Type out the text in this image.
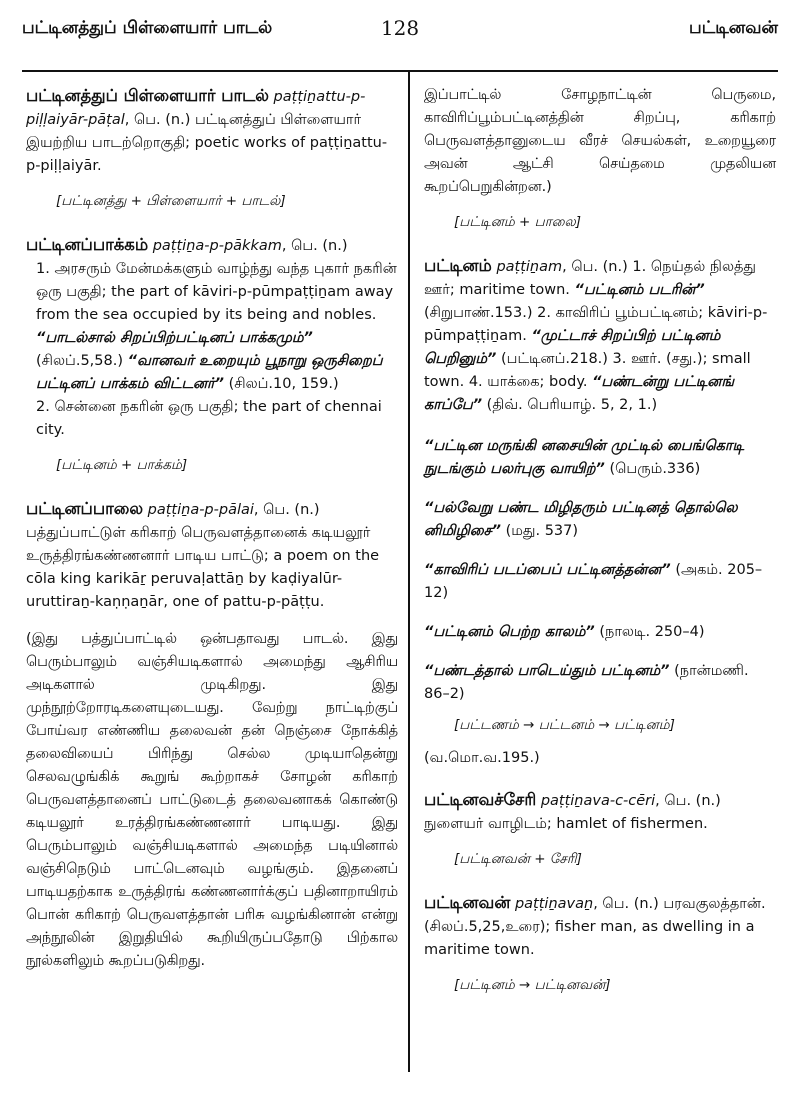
பட்டினத்துப் பிள்ளையார் பாடல்	128	பட்டினவன்
பட்டினத்துப் பிள்ளையார் பாடல் paṭṭiṉattu-p-piḷḷaiyār-pāṭal, பெ. (n.) பட்டினத்துப் பிள்ளையார் இயற்றிய பாடற்றொகுதி; poetic works of paṭṭiṉattu-p-piḷḷaiyār.
[பட்டினத்து + பிள்ளையார் + பாடல்]
பட்டினப்பாக்கம் paṭṭiṉa-p-pākkam, பெ. (n.)
1. அரசரும் மேன்மக்களும் வாழ்ந்து வந்த புகார் நகரின் ஒரு பகுதி; the part of kāviri-p-pūmpaṭṭiṉam away from the sea occupied by its being and nobles. “பாடல்சால் சிறப்பிற்பட்டினப் பாக்கமும்” (சிலப்.5,58.) “வானவர் உறையும் பூநாறு ஒருசிறைப் பட்டினப் பாக்கம் விட்டனர்” (சிலப்.10, 159.)
2. சென்னை நகரின் ஒரு பகுதி; the part of chennai city.
[பட்டினம் + பாக்கம்]
பட்டினப்பாலை paṭṭiṉa-p-pālai, பெ. (n.) பத்துப்பாட்டுள் கரிகாற் பெருவளத்தானைக் கடியலூர் உருத்திரங்கண்ணனார் பாடிய பாட்டு; a poem on the cōla king karikāṟ peruvaḷattāṉ by kaḍiyalūr-uruttiraṉ-kaṇṇaṉār, one of pattu-p-pāṭṭu.
(இது பத்துப்பாட்டில் ஒன்பதாவது பாடல். இது பெரும்பாலும் வஞ்சியடிகளால் அமைந்து ஆசிரிய அடிகளால் முடிகிறது. இது முந்நூற்றோரடிகளையுடையது. வேற்று நாட்டிற்குப் போய்வர எண்ணிய தலைவன் தன் நெஞ்சை நோக்கித் தலைவியைப் பிரிந்து செல்ல முடியாதென்று செலவழுங்கிக் கூறுங் கூற்றாகச் சோழன் கரிகாற் பெருவளத்தானைப் பாட்டுடைத் தலைவனாகக் கொண்டு கடியலூர் உரத்திரங்கண்ணனார் பாடியது. இது பெரும்பாலும் வஞ்சியடிகளால் அமைந்த படியினால் வஞ்சிநெடும் பாட்டெனவும் வழங்கும். இதனைப் பாடியதற்காக உருத்திரங் கண்ணனார்க்குப் பதினாறாயிரம் பொன் கரிகாற் பெருவளத்தான் பரிசு வழங்கினான் என்று அந்நூலின் இறுதியில் கூறியிருப்பதோடு பிற்கால நூல்களிலும் கூறப்படுகிறது.
இப்பாட்டில் சோழநாட்டின் பெருமை, காவிரிப்பூம்பட்டினத்தின் சிறப்பு, கரிகாற் பெருவளத்தானுடைய வீரச் செயல்கள், உறையூரை அவன் ஆட்சி செய்தமை முதலியன கூறப்பெறுகின்றன.)
[பட்டினம் + பாலை]
பட்டினம் paṭṭiṉam, பெ. (n.) 1. நெய்தல் நிலத்து ஊர்; maritime town. “பட்டினம் படரின்” (சிறுபாண்.153.) 2. காவிரிப் பூம்பட்டினம்; kāviri-p-pūmpaṭṭiṉam. “முட்டாச் சிறப்பிற் பட்டினம் பெறினும்” (பட்டினப்.218.) 3. ஊர். (சது.); small town. 4. யாக்கை; body. “பண்டன்று பட்டினங் காப்பே” (திவ். பெரியாழ். 5, 2, 1.)
“பட்டின மருங்கி னசையின் முட்டில் பைங்கொடி நுடங்கும் பலர்புகு வாயிற்” (பெரும்.336)
“பல்வேறு பண்ட மிழிதரும் பட்டினத் தொல்லெ னிமிழிசை” (மது. 537)
“காவிரிப் படப்பைப் பட்டினத்தன்ன” (அகம். 205–12)
“பட்டினம் பெற்ற காலம்” (நாலடி. 250–4)
“பண்டத்தால் பாடெய்தும் பட்டினம்” (நான்மணி. 86–2)
[பட்டணம் → பட்டனம் → பட்டினம்]
(வ.மொ.வ.195.)
பட்டினவச்சேரி paṭṭiṉava-c-cēri, பெ. (n.) நுளையர் வாழிடம்; hamlet of fishermen.
[பட்டினவன் + சேரி]
பட்டினவன் paṭṭiṉavaṉ, பெ. (n.) பரவகுலத்தான். (சிலப்.5,25,உரை); fisher man, as dwelling in a maritime town.
[பட்டினம் → பட்டினவன்]
